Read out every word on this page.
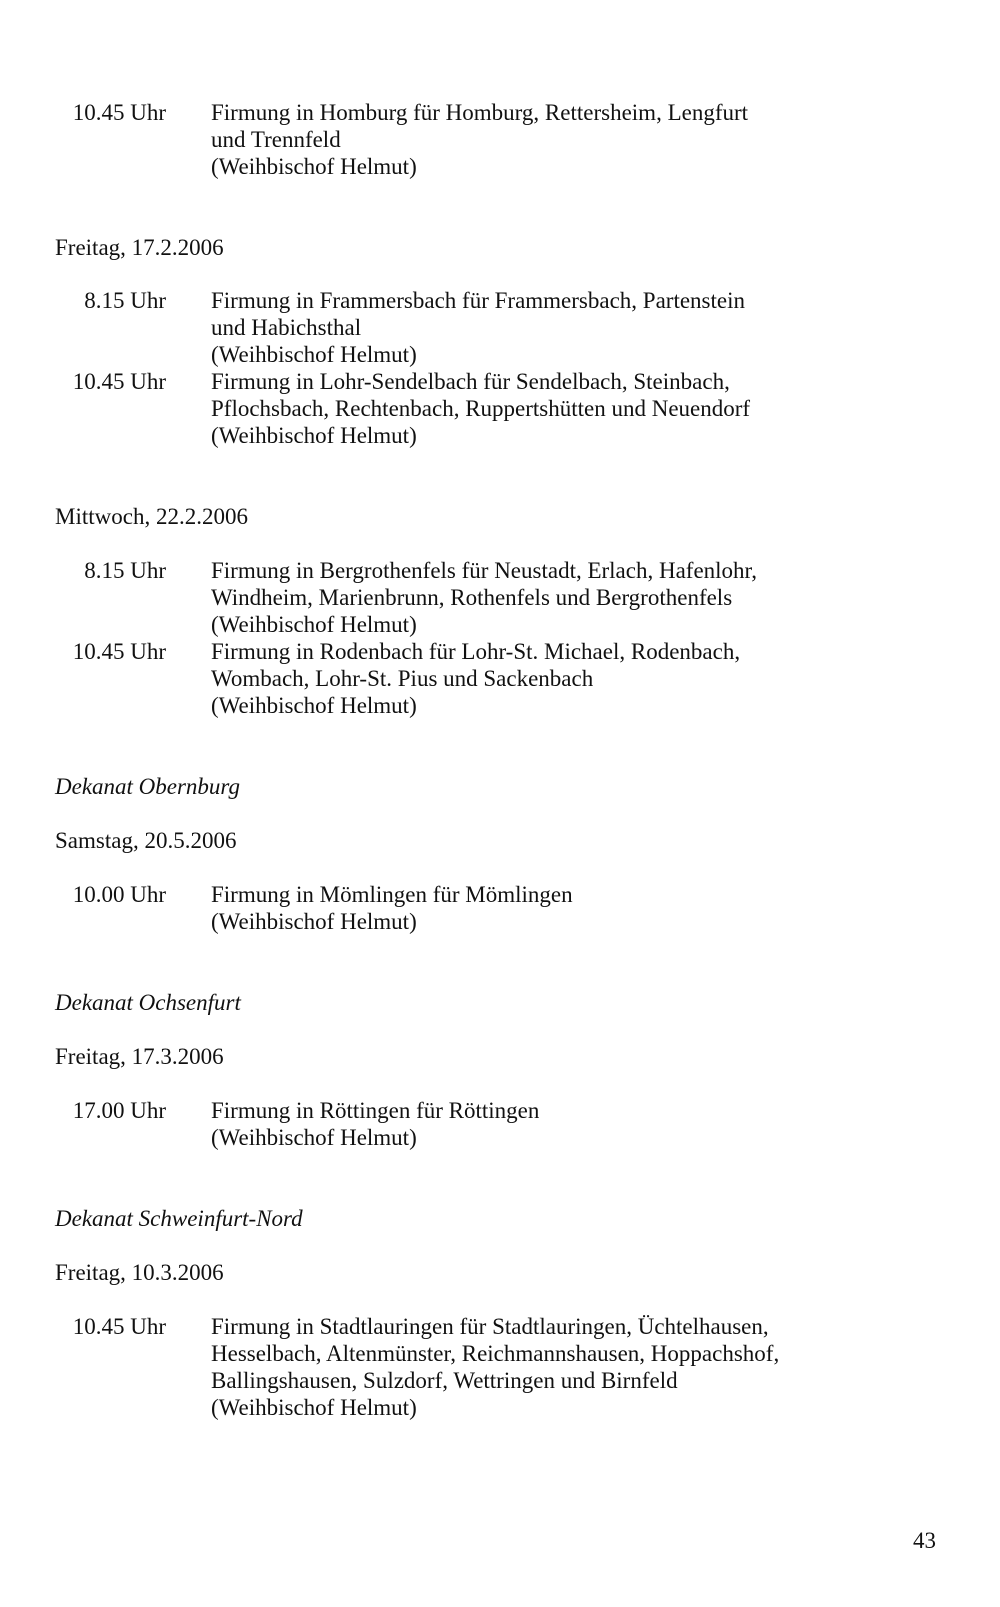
10.45 Uhr Firmung in Homburg für Homburg, Rettersheim, Lengfurt
und Trennfeld
(Weihbischof Helmut)
Freitag, 17.2.2006
8.15 Uhr Firmung in Frammersbach für Frammersbach, Partenstein
und Habichsthal
(Weihbischof Helmut)
10.45 Uhr Firmung in Lohr-Sendelbach für Sendelbach, Steinbach,
Pflochsbach, Rechtenbach, Ruppertshütten und Neuendorf
(Weihbischof Helmut)
Mittwoch, 22.2.2006
8.15 Uhr Firmung in Bergrothenfels für Neustadt, Erlach, Hafenlohr,
Windheim, Marienbrunn, Rothenfels und Bergrothenfels
(Weihbischof Helmut)
10.45 Uhr Firmung in Rodenbach für Lohr-St. Michael, Rodenbach,
Wombach, Lohr-St. Pius und Sackenbach
(Weihbischof Helmut)
Dekanat Obernburg
Samstag, 20.5.2006
10.00 Uhr Firmung in Mömlingen für Mömlingen
(Weihbischof Helmut)
Dekanat Ochsenfurt
Freitag, 17.3.2006
17.00 Uhr Firmung in Röttingen für Röttingen
(Weihbischof Helmut)
Dekanat Schweinfurt-Nord
Freitag, 10.3.2006
10.45 Uhr Firmung in Stadtlauringen für Stadtlauringen, Üchtelhausen,
Hesselbach, Altenmünster, Reichmannshausen, Hoppachshof,
Ballingshausen, Sulzdorf, Wettringen und Birnfeld
(Weihbischof Helmut)
43
